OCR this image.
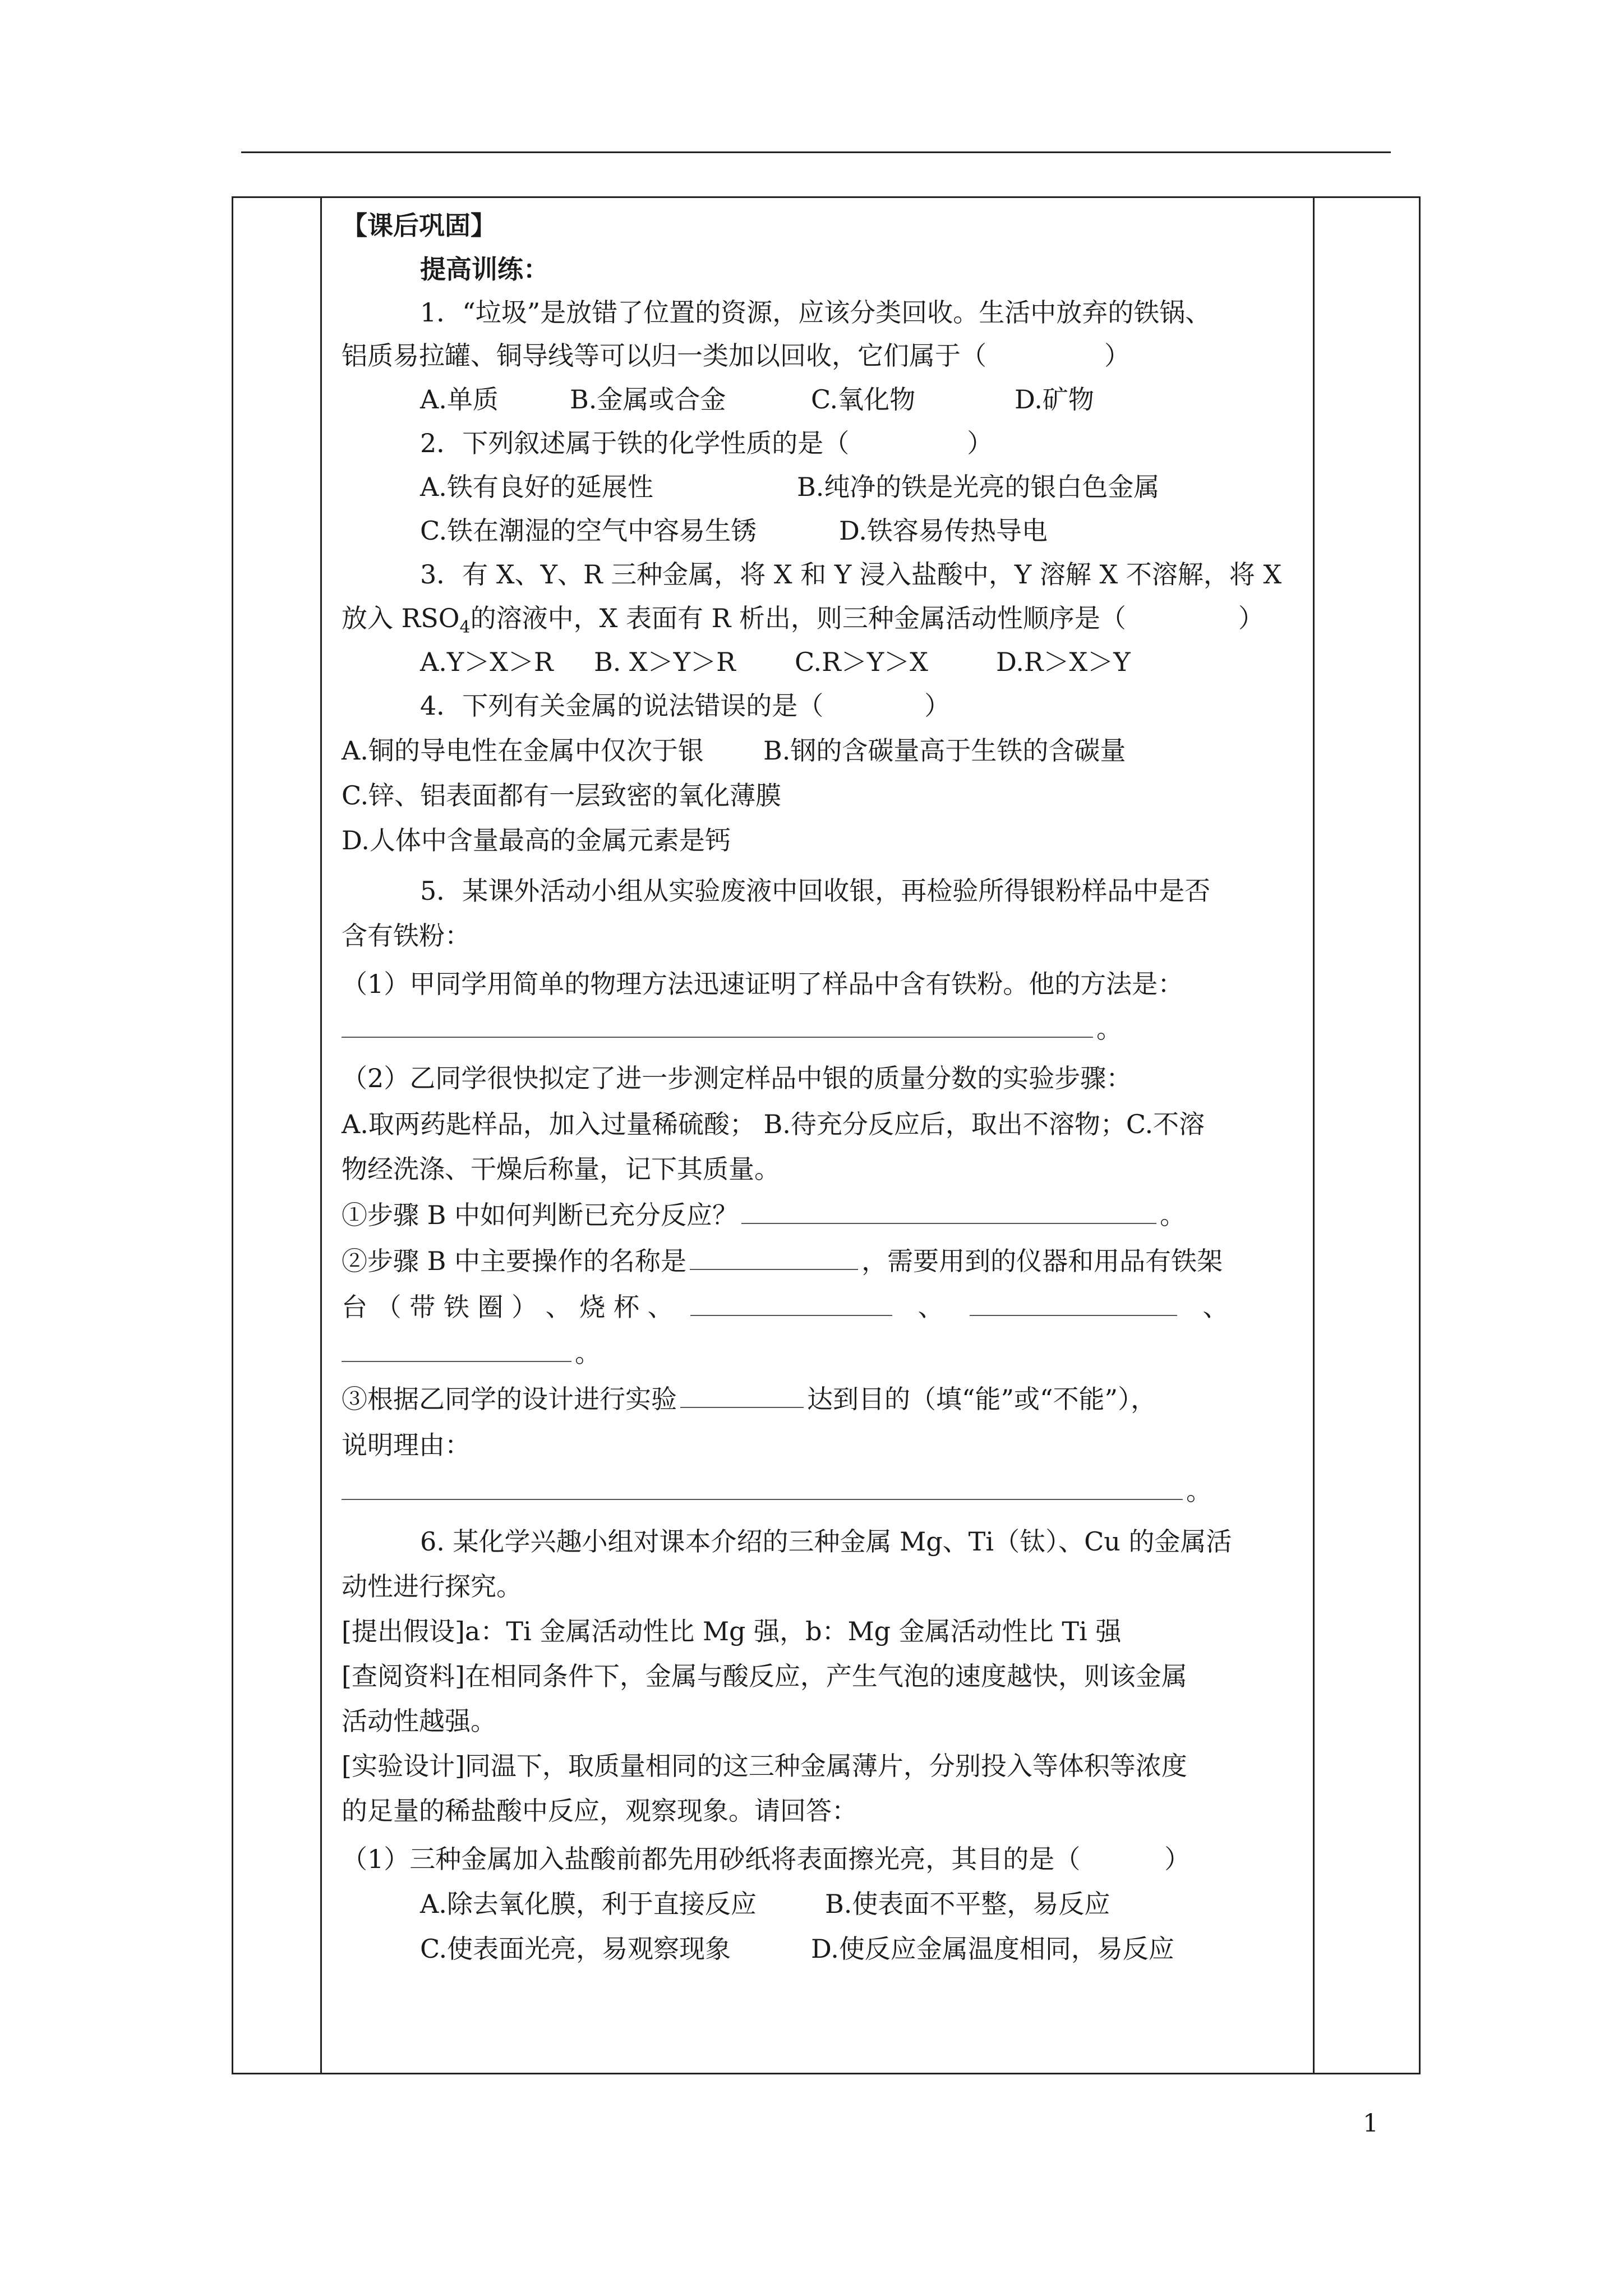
【课后巩固】
提高训练：
1．“垃圾”是放错了位置的资源，应该分类回收。生活中放弃的铁锅、
铝质易拉罐、铜导线等可以归一类加以回收，它们属于（	）
A.单质	B.金属或合金	C.氧化物	D.矿物
2．下列叙述属于铁的化学性质的是（	）
A.铁有良好的延展性	B.纯净的铁是光亮的银白色金属
C.铁在潮湿的空气中容易生锈	D.铁容易传热导电
3．有 X、Y、R 三种金属，将 X 和 Y 浸入盐酸中，Y 溶解 X 不溶解，将 X
放入 $RSO_4$的溶液中，X 表面有 R 析出，则三种金属活动性顺序是（	）
A.Y＞X＞R B. X＞Y＞R C.R＞Y＞X	D.R＞X＞Y
4．下列有关金属的说法错误的是（	）
A.铜的导电性在金属中仅次于银 B.钢的含碳量高于生铁的含碳量
C.锌、铝表面都有一层致密的氧化薄膜
D.人体中含量最高的金属元素是钙
5．某课外活动小组从实验废液中回收银，再检验所得银粉样品中是否
含有铁粉：
（1）甲同学用简单的物理方法迅速证明了样品中含有铁粉。他的方法是：
。
（2）乙同学很快拟定了进一步测定样品中银的质量分数的实验步骤：
A.取两药匙样品，加入过量稀硫酸； B.待充分反应后，取出不溶物；C.不溶
物经洗涤、干燥后称量，记下其质量。
①步骤 B 中如何判断已充分反应？	。
②步骤 B 中主要操作的名称是	，需要用到的仪器和用品有铁架
台 （ 带 铁 圈 ） 、 烧 杯 、	、	、
。
③根据乙同学的设计进行实验	达到目的（填“能”或“不能”），
说明理由：
。
6. 某化学兴趣小组对课本介绍的三种金属 Mg、Ti（钛）、Cu 的金属活
动性进行探究。
[提出假设]a：Ti 金属活动性比 Mg 强，b：Mg 金属活动性比 Ti 强
[查阅资料]在相同条件下，金属与酸反应，产生气泡的速度越快，则该金属
活动性越强。
[实验设计]同温下，取质量相同的这三种金属薄片，分别投入等体积等浓度
的足量的稀盐酸中反应，观察现象。请回答：
（1）三种金属加入盐酸前都先用砂纸将表面擦光亮，其目的是（	）
A.除去氧化膜，利于直接反应	B.使表面不平整，易反应
C.使表面光亮，易观察现象	D.使反应金属温度相同，易反应
1
